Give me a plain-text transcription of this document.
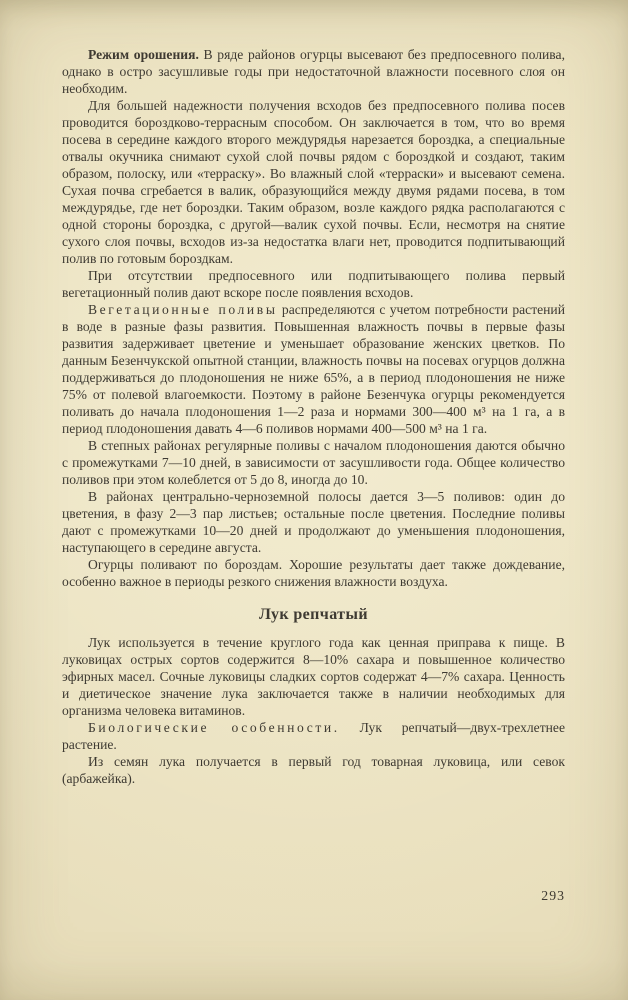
Режим орошения. В ряде районов огурцы высевают без предпосевного полива, однако в остро засушливые годы при недостаточной влажности посевного слоя он необходим.

Для большей надежности получения всходов без предпосевного полива посев проводится бороздково-террасным способом. Он заключается в том, что во время посева в середине каждого второго междурядья нарезается бороздка, а специальные отвалы окучника снимают сухой слой почвы рядом с бороздкой и создают, таким образом, полоску, или «терраску». Во влажный слой «терраски» и высевают семена. Сухая почва сгребается в валик, образующийся между двумя рядами посева, в том междурядье, где нет бороздки. Таким образом, возле каждого рядка располагаются с одной стороны бороздка, с другой—валик сухой почвы. Если, несмотря на снятие сухого слоя почвы, всходов из-за недостатка влаги нет, проводится подпитывающий полив по готовым бороздкам.

При отсутствии предпосевного или подпитывающего полива первый вегетационный полив дают вскоре после появления всходов.

Вегетационные поливы распределяются с учетом потребности растений в воде в разные фазы развития. Повышенная влажность почвы в первые фазы развития задерживает цветение и уменьшает образование женских цветков. По данным Безенчукской опытной станции, влажность почвы на посевах огурцов должна поддерживаться до плодоношения не ниже 65%, а в период плодоношения не ниже 75% от полевой влагоемкости. Поэтому в районе Безенчука огурцы рекомендуется поливать до начала плодоношения 1—2 раза и нормами 300—400 м³ на 1 га, а в период плодоношения давать 4—6 поливов нормами 400—500 м³ на 1 га.

В степных районах регулярные поливы с началом плодоношения даются обычно с промежутками 7—10 дней, в зависимости от засушливости года. Общее количество поливов при этом колеблется от 5 до 8, иногда до 10.

В районах центрально-черноземной полосы дается 3—5 поливов: один до цветения, в фазу 2—3 пар листьев; остальные после цветения. Последние поливы дают с промежутками 10—20 дней и продолжают до уменьшения плодоношения, наступающего в середине августа.

Огурцы поливают по бороздам. Хорошие результаты дает также дождевание, особенно важное в периоды резкого снижения влажности воздуха.

Лук репчатый

Лук используется в течение круглого года как ценная приправа к пище. В луковицах острых сортов содержится 8—10% сахара и повышенное количество эфирных масел. Сочные луковицы сладких сортов содержат 4—7% сахара. Ценность и диетическое значение лука заключается также в наличии необходимых для организма человека витаминов.

Биологические особенности. Лук репчатый—двух-трехлетнее растение.

Из семян лука получается в первый год товарная луковица, или севок (арбажейка).

293
